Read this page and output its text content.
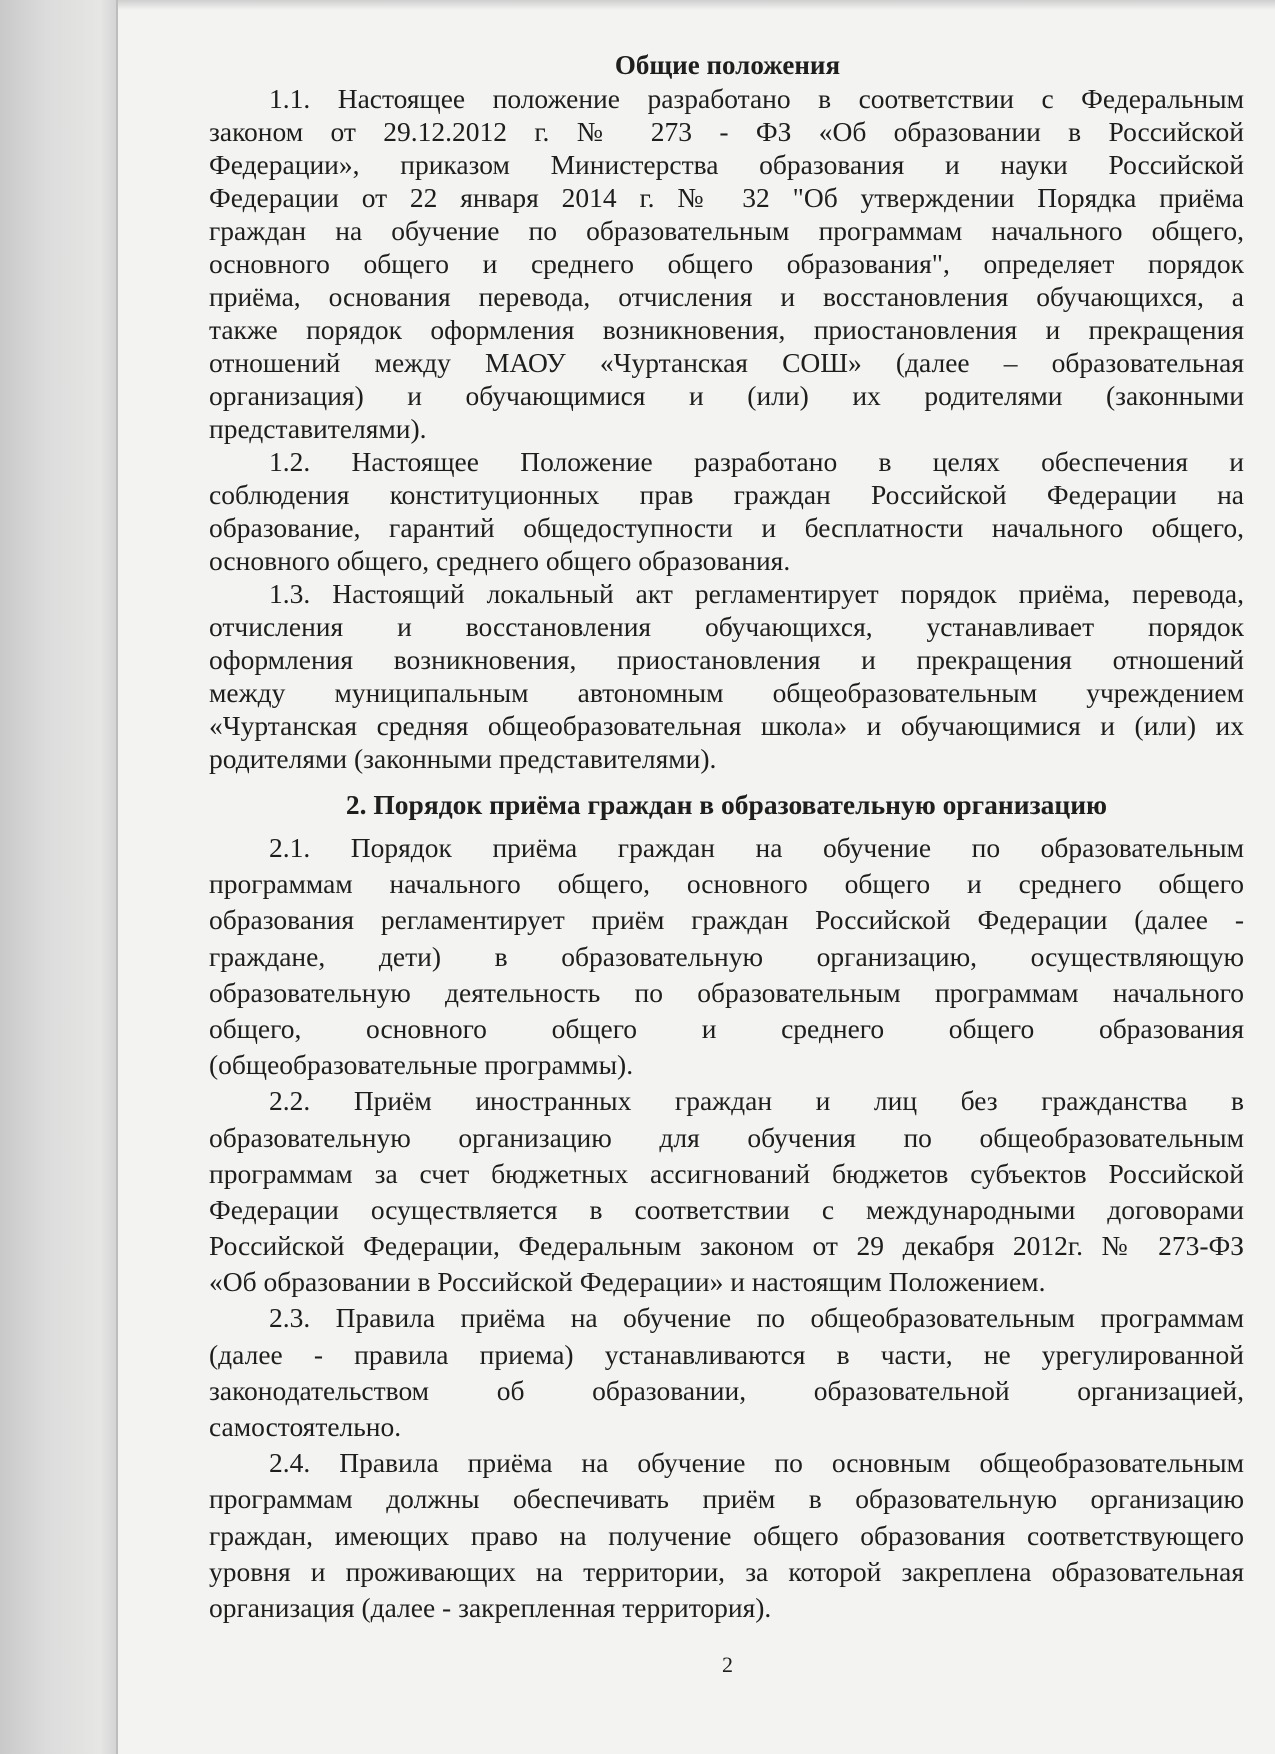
Общие положения
1.1. Настоящее положение разработано в соответствии с Федеральным
законом от 29.12.2012 г. № 273 - ФЗ «Об образовании в Российской
Федерации», приказом Министерства образования и науки Российской
Федерации от 22 января 2014 г. № 32 "Об утверждении Порядка приёма
граждан на обучение по образовательным программам начального общего,
основного общего и среднего общего образования", определяет порядок
приёма, основания перевода, отчисления и восстановления обучающихся, а
также порядок оформления возникновения, приостановления и прекращения
отношений между МАОУ «Чуртанская СОШ» (далее – образовательная
организация) и обучающимися и (или) их родителями (законными
представителями).
1.2. Настоящее Положение разработано в целях обеспечения и
соблюдения конституционных прав граждан Российской Федерации на
образование, гарантий общедоступности и бесплатности начального общего,
основного общего, среднего общего образования.
1.3. Настоящий локальный акт регламентирует порядок приёма, перевода,
отчисления и восстановления обучающихся, устанавливает порядок
оформления возникновения, приостановления и прекращения отношений
между муниципальным автономным общеобразовательным учреждением
«Чуртанская средняя общеобразовательная школа» и обучающимися и (или) их
родителями (законными представителями).
2. Порядок приёма граждан в образовательную организацию
2.1. Порядок приёма граждан на обучение по образовательным
программам начального общего, основного общего и среднего общего
образования регламентирует приём граждан Российской Федерации (далее -
граждане, дети) в образовательную организацию, осуществляющую
образовательную деятельность по образовательным программам начального
общего, основного общего и среднего общего образования
(общеобразовательные программы).
2.2. Приём иностранных граждан и лиц без гражданства в
образовательную организацию для обучения по общеобразовательным
программам за счет бюджетных ассигнований бюджетов субъектов Российской
Федерации осуществляется в соответствии с международными договорами
Российской Федерации, Федеральным законом от 29 декабря 2012г. № 273-ФЗ
«Об образовании в Российской Федерации» и настоящим Положением.
2.3. Правила приёма на обучение по общеобразовательным программам
(далее - правила приема) устанавливаются в части, не урегулированной
законодательством об образовании, образовательной организацией,
самостоятельно.
2.4. Правила приёма на обучение по основным общеобразовательным
программам должны обеспечивать приём в образовательную организацию
граждан, имеющих право на получение общего образования соответствующего
уровня и проживающих на территории, за которой закреплена образовательная
организация (далее - закрепленная территория).
2
